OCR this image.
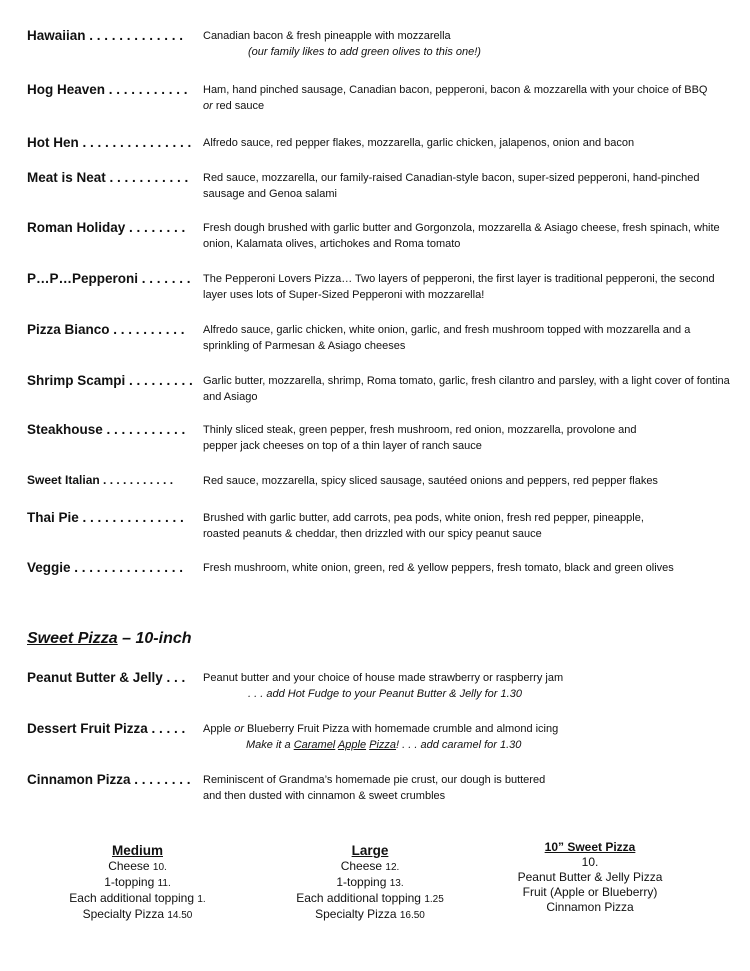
Hawaiian . . . . . . . . . . . . .	Canadian bacon & fresh pineapple with mozzarella
(our family likes to add green olives to this one!)
Hog Heaven . . . . . . . . . . .	Ham, hand pinched sausage, Canadian bacon, pepperoni, bacon & mozzarella with your choice of BBQ
or red sauce
Hot Hen . . . . . . . . . . . . . . .	Alfredo sauce, red pepper flakes, mozzarella, garlic chicken, jalapenos, onion and bacon
Meat is Neat . . . . . . . . . . .	Red sauce, mozzarella, our family-raised Canadian-style bacon, super-sized pepperoni, hand-pinched sausage and Genoa salami
Roman Holiday . . . . . . . .	Fresh dough brushed with garlic butter and Gorgonzola, mozzarella & Asiago cheese, fresh spinach, white onion, Kalamata olives, artichokes and Roma tomato
P…P…Pepperoni . . . . . . .	The Pepperoni Lovers Pizza… Two layers of pepperoni, the first layer is traditional pepperoni, the second layer uses lots of Super-Sized Pepperoni with mozzarella!
Pizza Bianco . . . . . . . . . .	Alfredo sauce, garlic chicken, white onion, garlic, and fresh mushroom topped with mozzarella and a sprinkling of Parmesan & Asiago cheeses
Shrimp Scampi . . . . . . . . . Garlic butter, mozzarella, shrimp, Roma tomato, garlic, fresh cilantro and parsley, with a light cover of fontina and Asiago
Steakhouse . . . . . . . . . . .	Thinly sliced steak, green pepper, fresh mushroom, red onion, mozzarella, provolone and
pepper jack cheeses on top of a thin layer of ranch sauce
Sweet Italian . . . . . . . . . . .	Red sauce, mozzarella, spicy sliced sausage, sautéed onions and peppers, red pepper flakes
Thai Pie . . . . . . . . . . . . . .	Brushed with garlic butter, add carrots, pea pods, white onion, fresh red pepper, pineapple,
roasted peanuts & cheddar, then drizzled with our spicy peanut sauce
Veggie . . . . . . . . . . . . . . .	Fresh mushroom, white onion, green, red & yellow peppers, fresh tomato, black and green olives
Sweet Pizza – 10-inch
Peanut Butter & Jelly . . .	Peanut butter and your choice of house made strawberry or raspberry jam
. . . add Hot Fudge to your Peanut Butter & Jelly for 1.30
Dessert Fruit Pizza . . . . .	Apple or Blueberry Fruit Pizza with homemade crumble and almond icing
Make it a Caramel Apple Pizza! . . . add caramel for 1.30
Cinnamon Pizza . . . . . . . .	Reminiscent of Grandma’s homemade pie crust, our dough is buttered
and then dusted with cinnamon & sweet crumbles
Medium
Cheese 10.
1-topping 11.
Each additional topping 1.
Specialty Pizza 14.50
Large
Cheese 12.
1-topping 13.
Each additional topping 1.25
Specialty Pizza 16.50
10” Sweet Pizza
10.
Peanut Butter & Jelly Pizza
Fruit (Apple or Blueberry)
Cinnamon Pizza
